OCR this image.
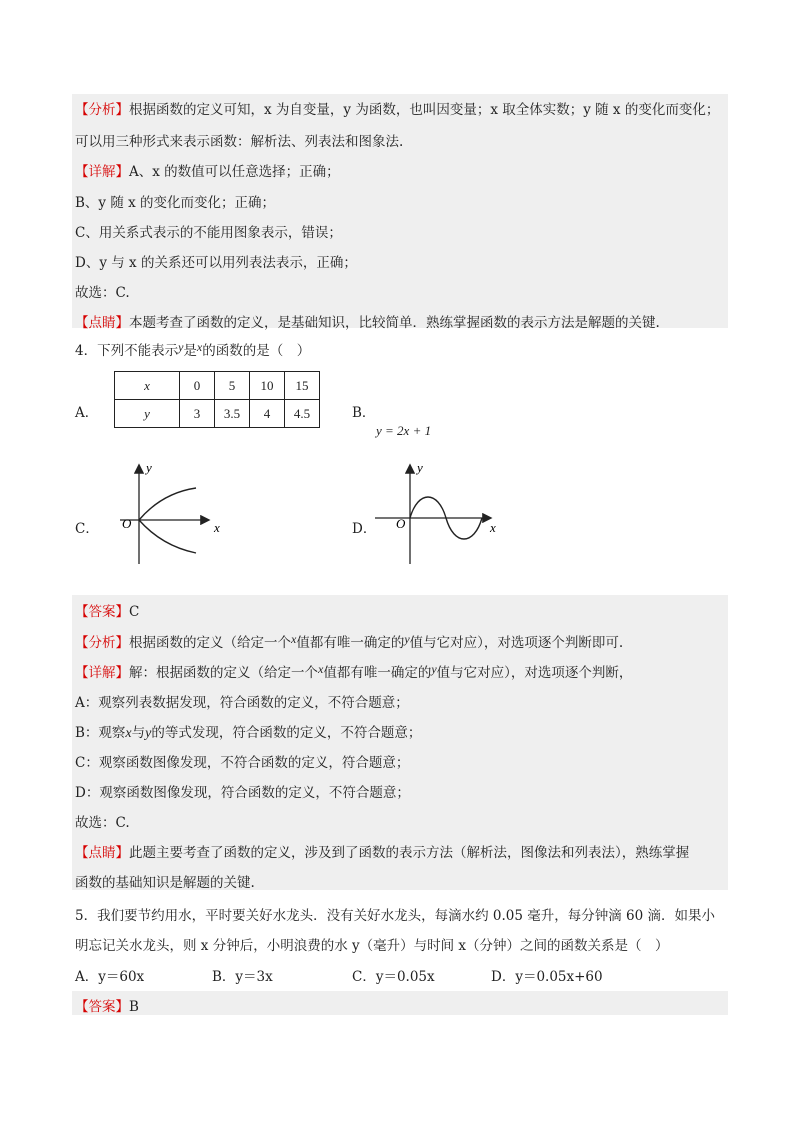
【分析】根据函数的定义可知，x 为自变量，y 为函数，也叫因变量；x 取全体实数；y 随 x 的变化而变化；
可以用三种形式来表示函数：解析法、列表法和图象法.
【详解】A、x 的数值可以任意选择；正确；
B、y 随 x 的变化而变化；正确；
C、用关系式表示的不能用图象表示，错误；
D、y 与 x 的关系还可以用列表法表示，正确；
故选：C.
【点睛】本题考查了函数的定义，是基础知识，比较简单．熟练掌握函数的表示方法是解题的关键.
4．下列不能表示y是x的函数的是（　）
A．
x	0	5	10	15
y	3	3.5	4	4.5	B．
y = 2x + 1
C．
y
x
O	D．
y
x
O
【答案】C
【分析】根据函数的定义（给定一个x值都有唯一确定的y值与它对应），对选项逐个判断即可.
【详解】解：根据函数的定义（给定一个x值都有唯一确定的y值与它对应），对选项逐个判断，
A：观察列表数据发现，符合函数的定义，不符合题意；
B：观察x与y的等式发现，符合函数的定义，不符合题意；
C：观察函数图像发现，不符合函数的定义，符合题意；
D：观察函数图像发现，符合函数的定义，不符合题意；
故选：C.
【点睛】此题主要考查了函数的定义，涉及到了函数的表示方法（解析法，图像法和列表法），熟练掌握
函数的基础知识是解题的关键.
5．我们要节约用水，平时要关好水龙头．没有关好水龙头，每滴水约 0.05 毫升，每分钟滴 60 滴．如果小
明忘记关水龙头，则 x 分钟后，小明浪费的水 y（毫升）与时间 x（分钟）之间的函数关系是（　）
A．y＝60x	B．y＝3x	C．y＝0.05x	D．y＝0.05x+60
【答案】B
